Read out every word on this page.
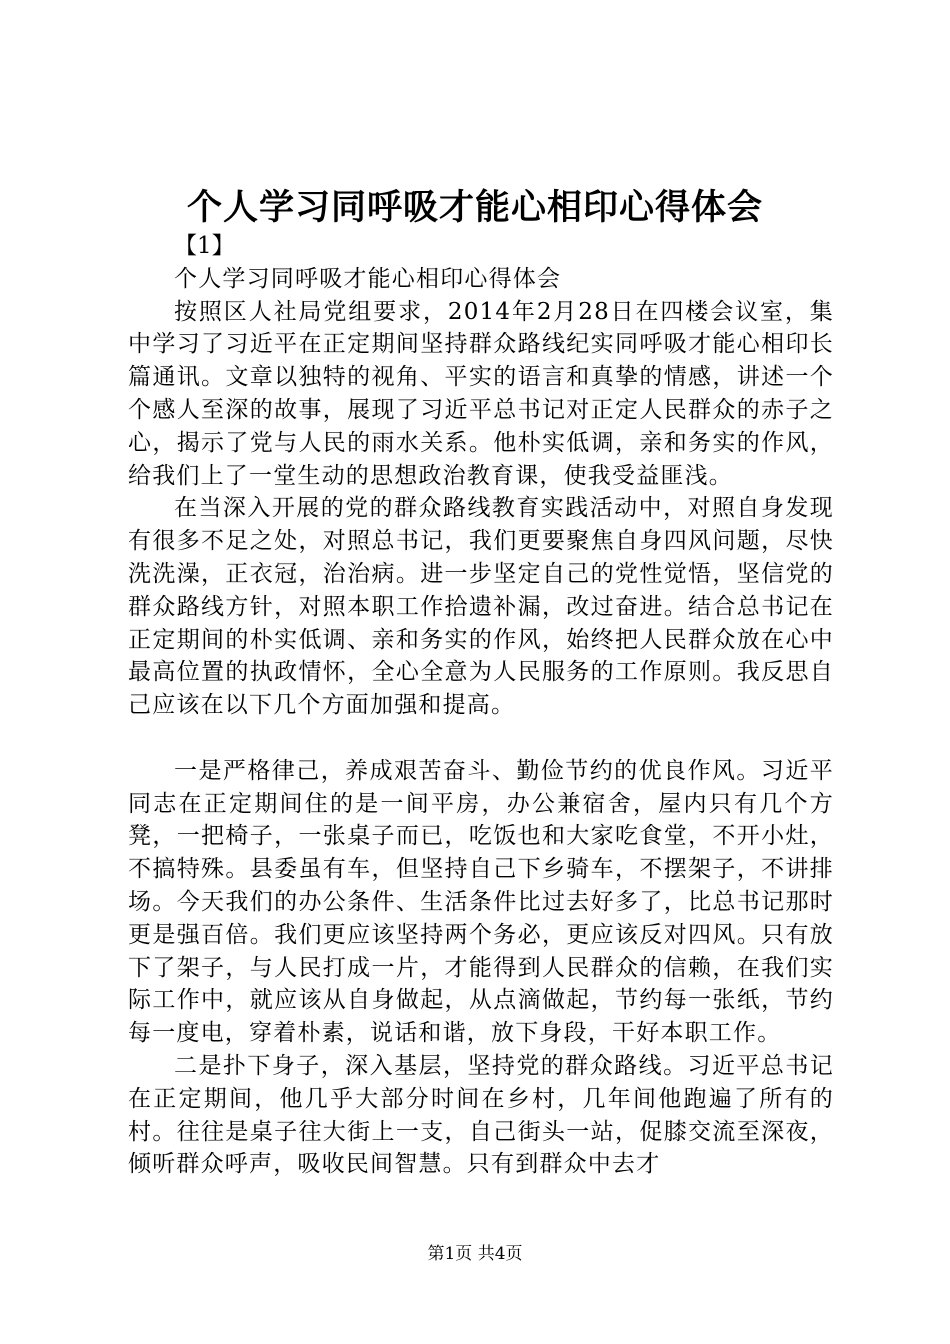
个人学习同呼吸才能心相印心得体会

【1】

个人学习同呼吸才能心相印心得体会

按照区人社局党组要求，2014年2月28日在四楼会议室，集中学习了习近平在正定期间坚持群众路线纪实同呼吸才能心相印长篇通讯。文章以独特的视角、平实的语言和真挚的情感，讲述一个个感人至深的故事，展现了习近平总书记对正定人民群众的赤子之心，揭示了党与人民的雨水关系。他朴实低调，亲和务实的作风，给我们上了一堂生动的思想政治教育课，使我受益匪浅。

在当深入开展的党的群众路线教育实践活动中，对照自身发现有很多不足之处，对照总书记，我们更要聚焦自身四风问题，尽快洗洗澡，正衣冠，治治病。进一步坚定自己的党性觉悟，坚信党的群众路线方针，对照本职工作拾遗补漏，改过奋进。结合总书记在正定期间的朴实低调、亲和务实的作风，始终把人民群众放在心中最高位置的执政情怀，全心全意为人民服务的工作原则。我反思自己应该在以下几个方面加强和提高。

一是严格律己，养成艰苦奋斗、勤俭节约的优良作风。习近平同志在正定期间住的是一间平房，办公兼宿舍，屋内只有几个方凳，一把椅子，一张桌子而已，吃饭也和大家吃食堂，不开小灶，不搞特殊。县委虽有车，但坚持自己下乡骑车，不摆架子，不讲排场。今天我们的办公条件、生活条件比过去好多了，比总书记那时更是强百倍。我们更应该坚持两个务必，更应该反对四风。只有放下了架子，与人民打成一片，才能得到人民群众的信赖，在我们实际工作中，就应该从自身做起，从点滴做起，节约每一张纸，节约每一度电，穿着朴素，说话和谐，放下身段，干好本职工作。

二是扑下身子，深入基层，坚持党的群众路线。习近平总书记在正定期间，他几乎大部分时间在乡村，几年间他跑遍了所有的村。往往是桌子往大街上一支，自己街头一站，促膝交流至深夜，倾听群众呼声，吸收民间智慧。只有到群众中去才

第1页 共4页
